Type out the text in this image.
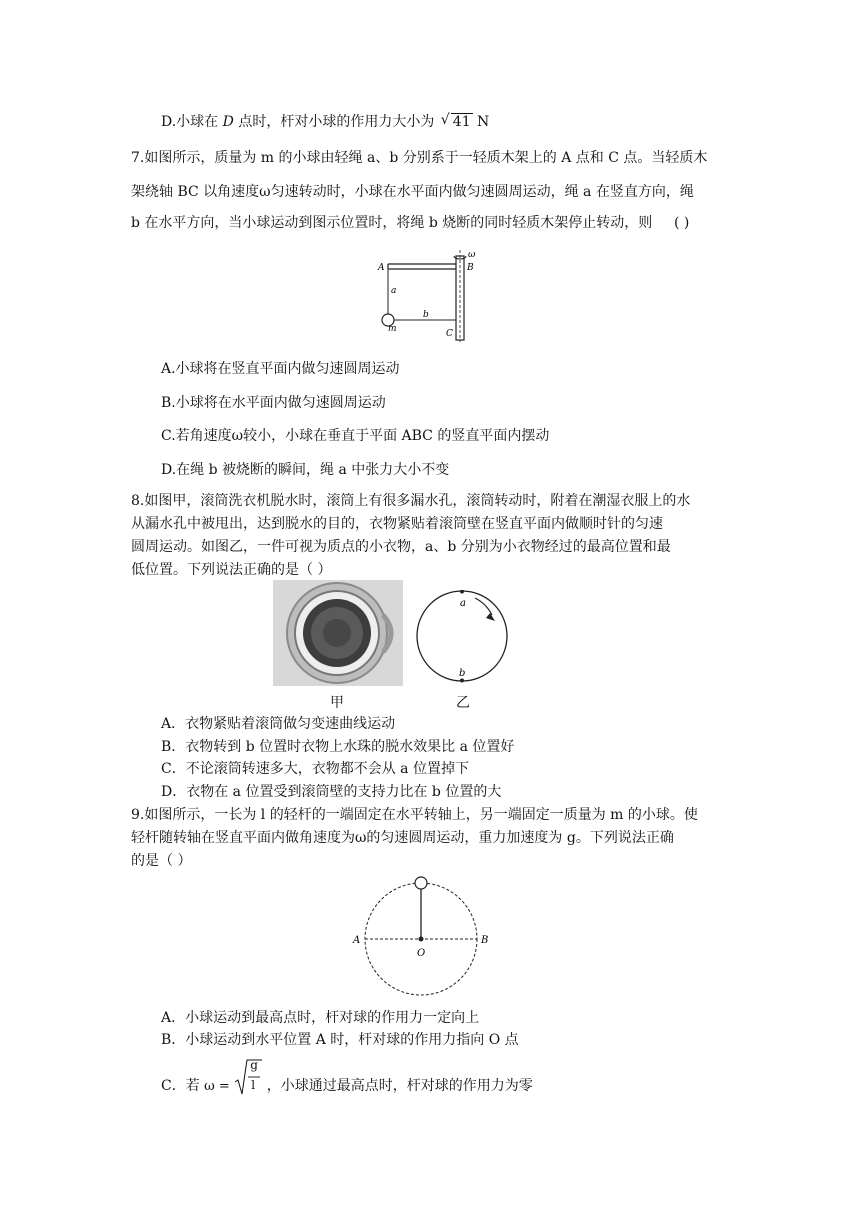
D.小球在 D 点时，杆对小球的作用力大小为 √ 41 N
7.如图所示，质量为 m 的小球由轻绳 a、b 分别系于一轻质木架上的 A 点和 C 点。当轻质木
架绕轴 BC 以角速度ω匀速转动时，小球在水平面内做匀速圆周运动，绳 a 在竖直方向，绳
b 在水平方向，当小球运动到图示位置时，将绳 b 烧断的同时轻质木架停止转动，则 ( )
A	B
C
a
b
m
ω
A.小球将在竖直平面内做匀速圆周运动
B.小球将在水平面内做匀速圆周运动
C.若角速度ω较小，小球在垂直于平面 ABC 的竖直平面内摆动
D.在绳 b 被烧断的瞬间，绳 a 中张力大小不变
8.如图甲，滚筒洗衣机脱水时，滚筒上有很多漏水孔，滚筒转动时，附着在潮湿衣服上的水
从漏水孔中被甩出，达到脱水的目的，衣物紧贴着滚筒壁在竖直平面内做顺时针的匀速
圆周运动。如图乙，一件可视为质点的小衣物，a、b 分别为小衣物经过的最高位置和最
低位置。下列说法正确的是（ ）
甲
a
b
乙
A．衣物紧贴着滚筒做匀变速曲线运动
B．衣物转到 b 位置时衣物上水珠的脱水效果比 a 位置好
C．不论滚筒转速多大，衣物都不会从 a 位置掉下
D．衣物在 a 位置受到滚筒壁的支持力比在 b 位置的大
9.如图所示，一长为 l 的轻杆的一端固定在水平转轴上，另一端固定一质量为 m 的小球。使
轻杆随转轴在竖直平面内做角速度为ω的匀速圆周运动，重力加速度为 g。下列说法正确
的是（ ）
A	B
O
A．小球运动到最高点时，杆对球的作用力一定向上
B．小球运动到水平位置 A 时，杆对球的作用力指向 O 点
C．若 ω =
g
l ，小球通过最高点时，杆对球的作用力为零
